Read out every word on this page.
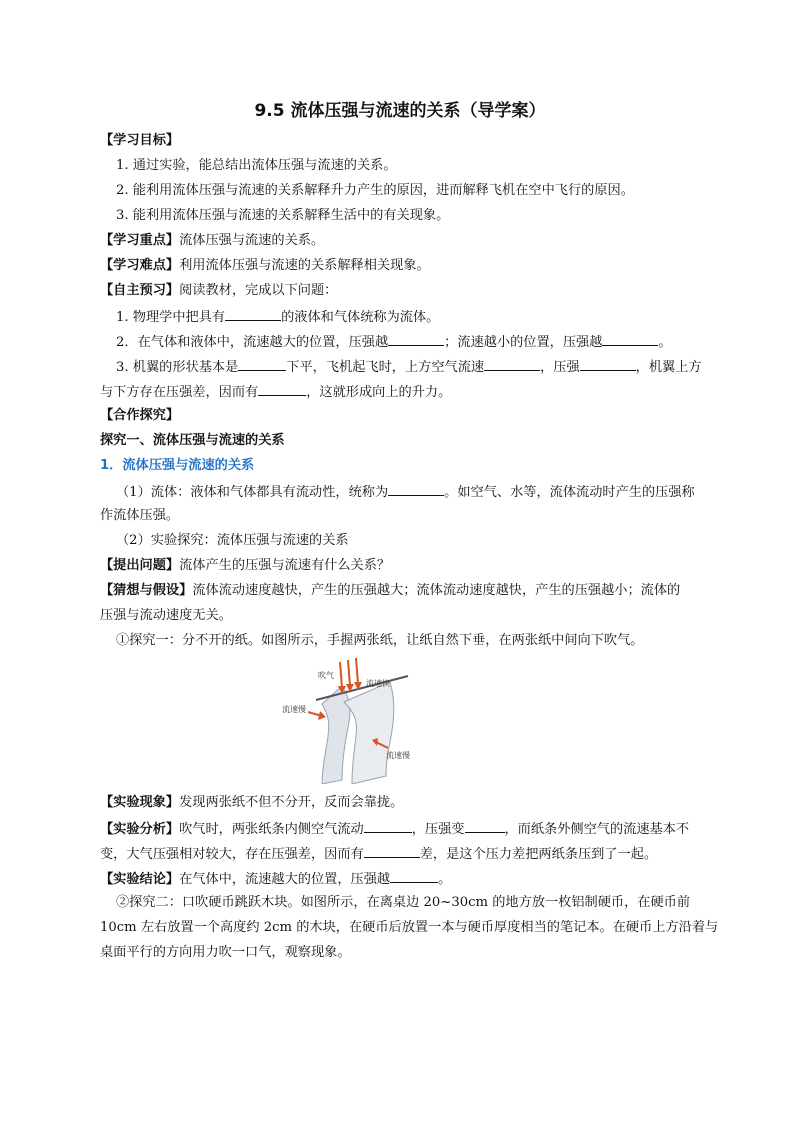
9.5 流体压强与流速的关系（导学案）
【学习目标】
1. 通过实验，能总结出流体压强与流速的关系。
2. 能利用流体压强与流速的关系解释升力产生的原因，进而解释飞机在空中飞行的原因。
3. 能利用流体压强与流速的关系解释生活中的有关现象。
【学习重点】流体压强与流速的关系。
【学习难点】利用流体压强与流速的关系解释相关现象。
【自主预习】阅读教材，完成以下问题：
1. 物理学中把具有	的液体和气体统称为流体。
2．在气体和液体中，流速越大的位置，压强越	；流速越小的位置，压强越	。
3. 机翼的形状基本是	下平，飞机起飞时，上方空气流速	，压强	，机翼上方
与下方存在压强差，因而有	，这就形成向上的升力。
【合作探究】
探究一、流体压强与流速的关系
1．流体压强与流速的关系
（1）流体：液体和气体都具有流动性，统称为	。如空气、水等，流体流动时产生的压强称
作流体压强。
（2）实验探究：流体压强与流速的关系
【提出问题】流体产生的压强与流速有什么关系？
【猜想与假设】流体流动速度越快，产生的压强越大；流体流动速度越快，产生的压强越小；流体的
压强与流动速度无关。
①探究一：分不开的纸。如图所示，手握两张纸，让纸自然下垂，在两张纸中间向下吹气。
吹气
流速快
流速慢
流速慢
【实验现象】发现两张纸不但不分开，反而会靠拢。
【实验分析】吹气时，两张纸条内侧空气流动	，压强变	，而纸条外侧空气的流速基本不
变，大气压强相对较大，存在压强差，因而有	差，是这个压力差把两纸条压到了一起。
【实验结论】在气体中，流速越大的位置，压强越	。
②探究二：口吹硬币跳跃木块。如图所示，在离桌边 20~30cm 的地方放一枚铝制硬币，在硬币前
10cm 左右放置一个高度约 2cm 的木块，在硬币后放置一本与硬币厚度相当的笔记本。在硬币上方沿着与
桌面平行的方向用力吹一口气，观察现象。
